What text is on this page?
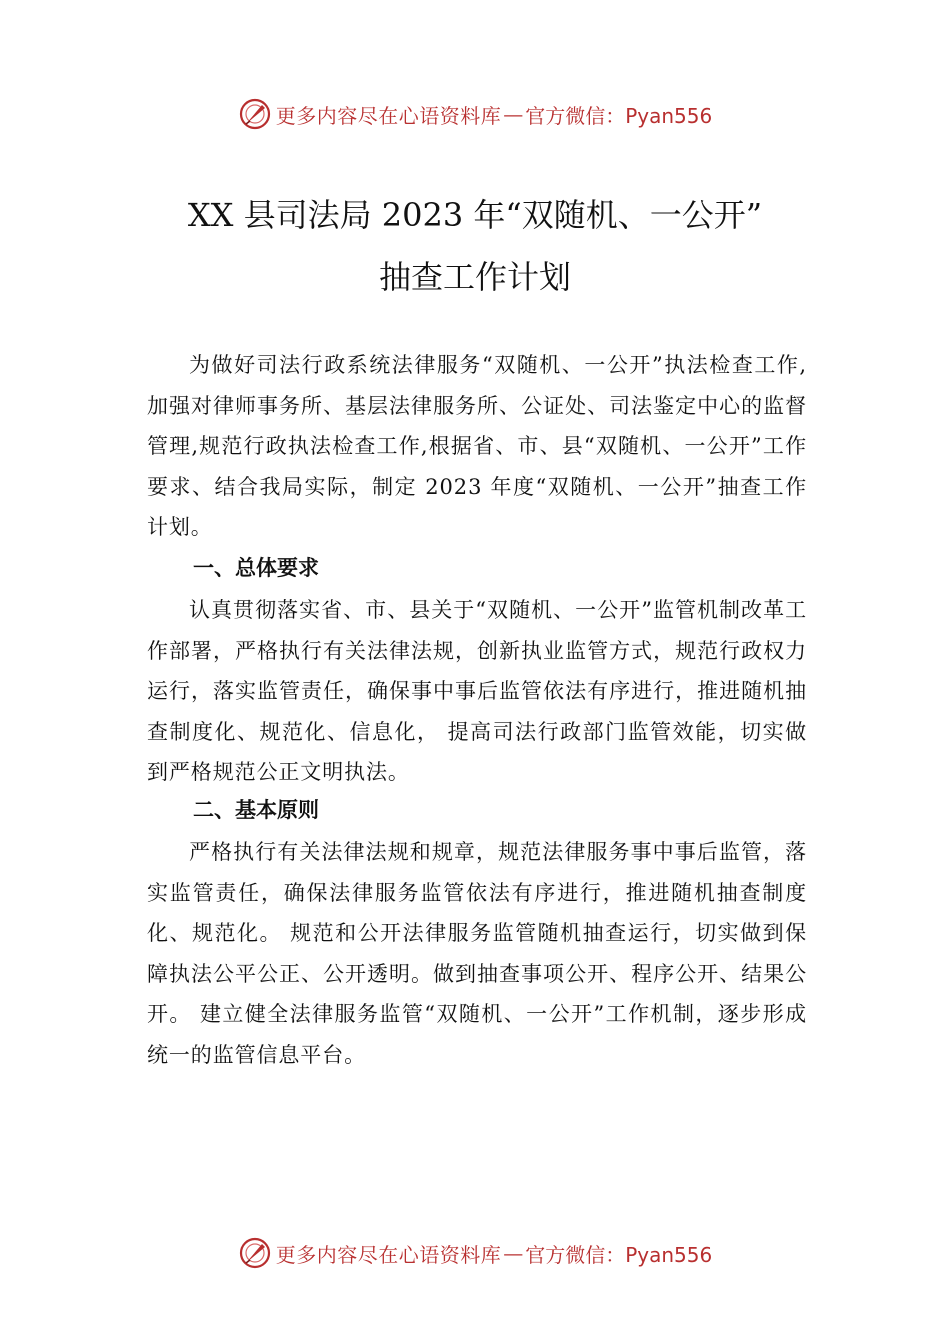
更多内容尽在心语资料库 — 官方微信：Pyan556
XX 县司法局 2023 年“双随机、一公开”
抽查工作计划

为做好司法行政系统法律服务“双随机、一公开”执法检查工作,加强对律师事务所、基层法律服务所、公证处、司法鉴定中心的监督管理,规范行政执法检查工作,根据省、市、县“双随机、一公开”工作要求、结合我局实际，制定 2023 年度“双随机、一公开”抽查工作计划。

一、总体要求

认真贯彻落实省、市、县关于“双随机、一公开”监管机制改革工作部署，严格执行有关法律法规，创新执业监管方式，规范行政权力运行，落实监管责任，确保事中事后监管依法有序进行，推进随机抽查制度化、规范化、信息化， 提高司法行政部门监管效能，切实做到严格规范公正文明执法。

二、基本原则

严格执行有关法律法规和规章，规范法律服务事中事后监管，落实监管责任，确保法律服务监管依法有序进行，推进随机抽查制度化、规范化。 规范和公开法律服务监管随机抽查运行，切实做到保障执法公平公正、公开透明。做到抽查事项公开、程序公开、结果公开。 建立健全法律服务监管“双随机、一公开”工作机制，逐步形成统一的监管信息平台。

更多内容尽在心语资料库 — 官方微信：Pyan556
